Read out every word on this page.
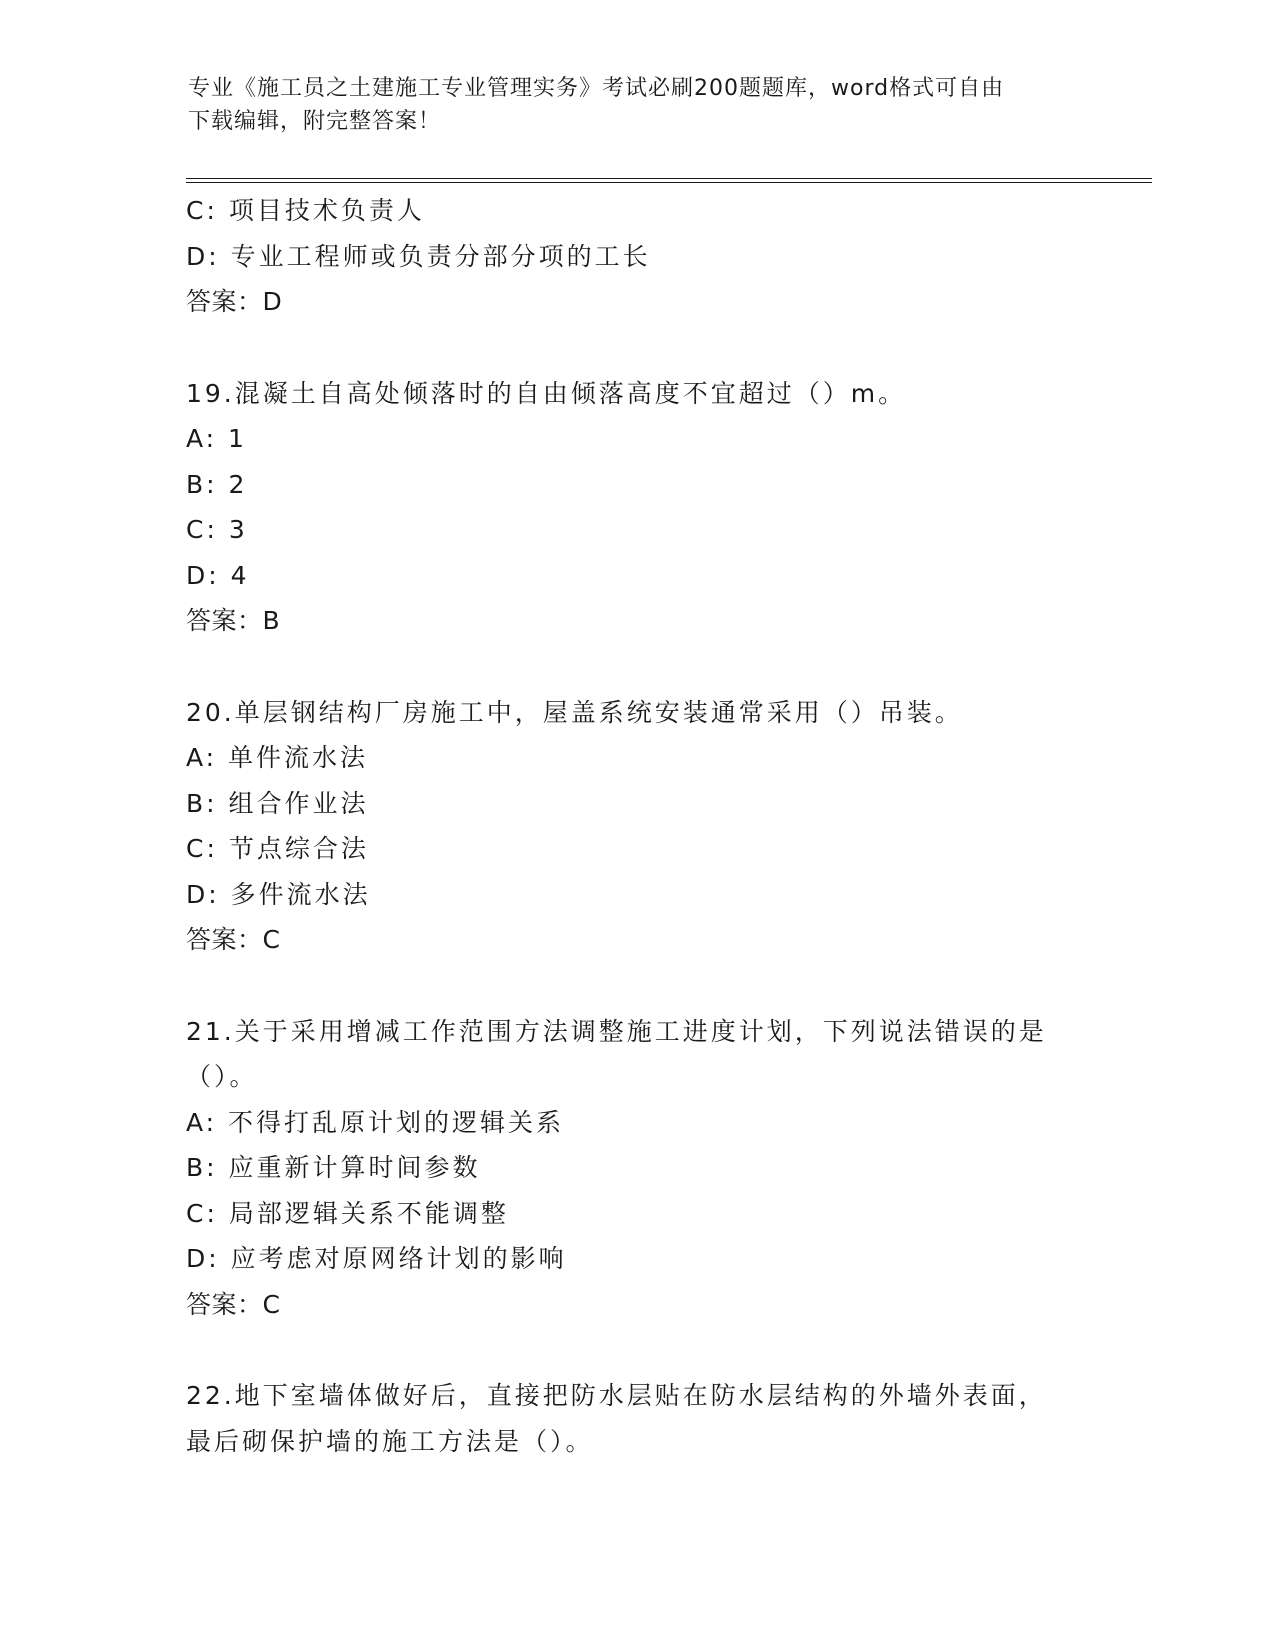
专业《施工员之土建施工专业管理实务》考试必刷200题题库，word格式可自由
下载编辑，附完整答案！
C: 项目技术负责人
D: 专业工程师或负责分部分项的工长
答案：D
19.混凝土自高处倾落时的自由倾落高度不宜超过（）m。
A: 1
B: 2
C: 3
D: 4
答案：B
20.单层钢结构厂房施工中，屋盖系统安装通常采用（）吊装。
A: 单件流水法
B: 组合作业法
C: 节点综合法
D: 多件流水法
答案：C
21.关于采用增减工作范围方法调整施工进度计划，下列说法错误的是
（）。
A: 不得打乱原计划的逻辑关系
B: 应重新计算时间参数
C: 局部逻辑关系不能调整
D: 应考虑对原网络计划的影响
答案：C
22.地下室墙体做好后，直接把防水层贴在防水层结构的外墙外表面，
最后砌保护墙的施工方法是（）。
